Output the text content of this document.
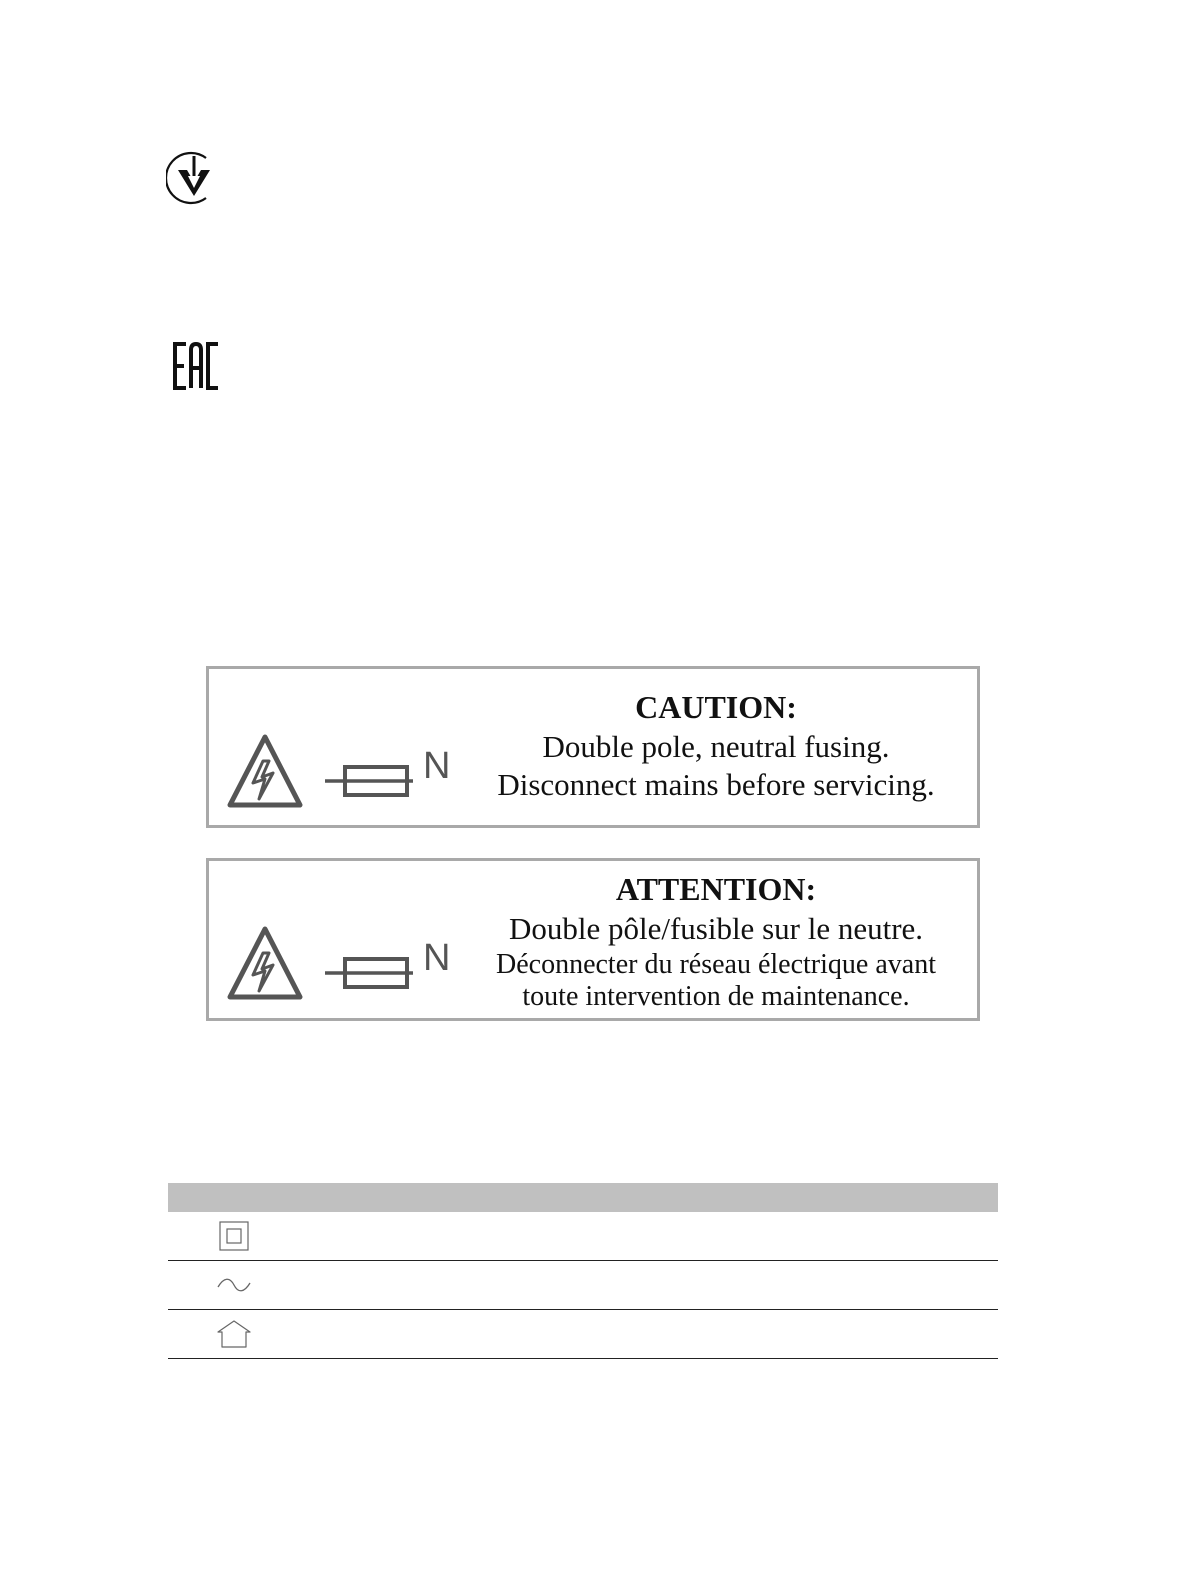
N
CAUTION:
Double pole, neutral fusing.
Disconnect mains before servicing.
N
ATTENTION:
Double pôle/fusible sur le neutre.
Déconnecter du réseau électrique avant
toute intervention de maintenance.
